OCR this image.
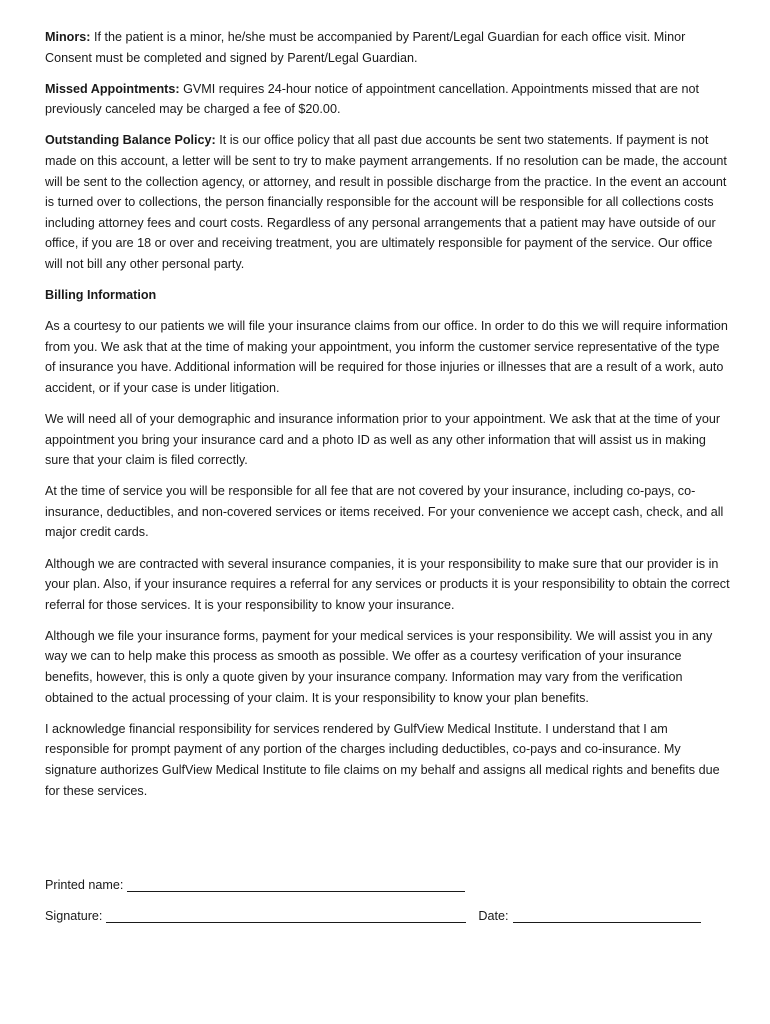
Minors: If the patient is a minor, he/she must be accompanied by Parent/Legal Guardian for each office visit. Minor Consent must be completed and signed by Parent/Legal Guardian.

Missed Appointments: GVMI requires 24-hour notice of appointment cancellation. Appointments missed that are not previously canceled may be charged a fee of $20.00.

Outstanding Balance Policy: It is our office policy that all past due accounts be sent two statements. If payment is not made on this account, a letter will be sent to try to make payment arrangements. If no resolution can be made, the account will be sent to the collection agency, or attorney, and result in possible discharge from the practice. In the event an account is turned over to collections, the person financially responsible for the account will be responsible for all collections costs including attorney fees and court costs. Regardless of any personal arrangements that a patient may have outside of our office, if you are 18 or over and receiving treatment, you are ultimately responsible for payment of the service. Our office will not bill any other personal party.

Billing Information

As a courtesy to our patients we will file your insurance claims from our office. In order to do this we will require information from you. We ask that at the time of making your appointment, you inform the customer service representative of the type of insurance you have. Additional information will be required for those injuries or illnesses that are a result of a work, auto accident, or if your case is under litigation.

We will need all of your demographic and insurance information prior to your appointment. We ask that at the time of your appointment you bring your insurance card and a photo ID as well as any other information that will assist us in making sure that your claim is filed correctly.

At the time of service you will be responsible for all fee that are not covered by your insurance, including co-pays, co-insurance, deductibles, and non-covered services or items received. For your convenience we accept cash, check, and all major credit cards.

Although we are contracted with several insurance companies, it is your responsibility to make sure that our provider is in your plan. Also, if your insurance requires a referral for any services or products it is your responsibility to obtain the correct referral for those services. It is your responsibility to know your insurance.

Although we file your insurance forms, payment for your medical services is your responsibility. We will assist you in any way we can to help make this process as smooth as possible. We offer as a courtesy verification of your insurance benefits, however, this is only a quote given by your insurance company. Information may vary from the verification obtained to the actual processing of your claim. It is your responsibility to know your plan benefits.

I acknowledge financial responsibility for services rendered by GulfView Medical Institute. I understand that I am responsible for prompt payment of any portion of the charges including deductibles, co-pays and co-insurance. My signature authorizes GulfView Medical Institute to file claims on my behalf and assigns all medical rights and benefits due for these services.

Printed name:
Signature:	Date:
